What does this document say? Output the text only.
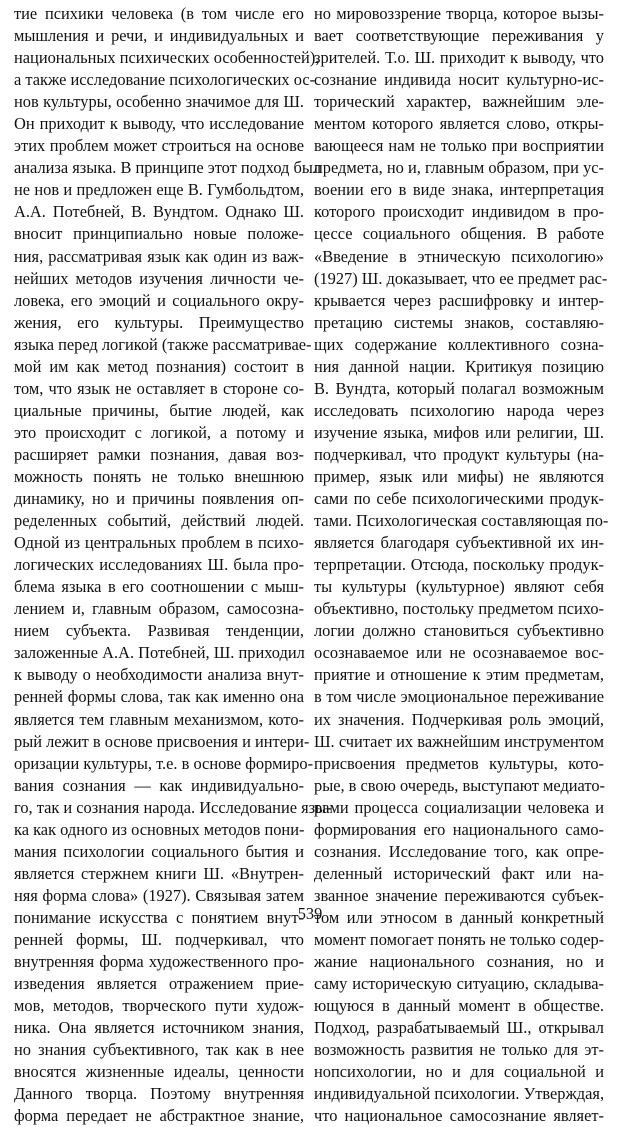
тие психики человека (в том числе его
мышления и речи, и индивидуальных и
национальных психических особенностей),
а также исследование психологических ос-
нов культуры, особенно значимое для Ш.
Он приходит к выводу, что исследование
этих проблем может строиться на основе
анализа языка. В принципе этот подход был
не нов и предложен еще В. Гумбольдтом,
А.А. Потебней, В. Вундтом. Однако Ш.
вносит принципиально новые положе-
ния, рассматривая язык как один из важ-
нейших методов изучения личности че-
ловека, его эмоций и социального окру-
жения, его культуры. Преимущество
языка перед логикой (также рассматривае-
мой им как метод познания) состоит в
том, что язык не оставляет в стороне со-
циальные причины, бытие людей, как
это происходит с логикой, а потому и
расширяет рамки познания, давая воз-
можность понять не только внешнюю
динамику, но и причины появления оп-
ределенных событий, действий людей.
Одной из центральных проблем в психо-
логических исследованиях Ш. была про-
блема языка в его соотношении с мыш-
лением и, главным образом, самосозна-
нием субъекта. Развивая тенденции,
заложенные А.А. Потебней, Ш. приходил
к выводу о необходимости анализа внут-
ренней формы слова, так как именно она
является тем главным механизмом, кото-
рый лежит в основе присвоения и интери-
оризации культуры, т.е. в основе формиро-
вания сознания — как индивидуально-
го, так и сознания народа. Исследование язы-
ка как одного из основных методов пони-
мания психологии социального бытия и
является стержнем книги Ш. «Внутрен-
няя форма слова» (1927). Связывая затем
понимание искусства с понятием внут-
ренней формы, Ш. подчеркивал, что
внутренняя форма художественного про-
изведения является отражением прие-
мов, методов, творческого пути худож-
ника. Она является источником знания,
но знания субъективного, так как в нее
вносятся жизненные идеалы, ценности
Данного творца. Поэтому внутренняя
форма передает не абстрактное знание,
но мировоззрение творца, которое вызы-
вает соответствующие переживания у
зрителей. Т.о. Ш. приходит к выводу, что
сознание индивида носит культурно-ис-
торический характер, важнейшим эле-
ментом которого является слово, откры-
вающееся нам не только при восприятии
предмета, но и, главным образом, при ус-
воении его в виде знака, интерпретация
которого происходит индивидом в про-
цессе социального общения. В работе
«Введение в этническую психологию»
(1927) Ш. доказывает, что ее предмет рас-
крывается через расшифровку и интер-
претацию системы знаков, составляю-
щих содержание коллективного созна-
ния данной нации. Критикуя позицию
В. Вундта, который полагал возможным
исследовать психологию народа через
изучение языка, мифов или религии, Ш.
подчеркивал, что продукт культуры (на-
пример, язык или мифы) не являются
сами по себе психологическими продук-
тами. Психологическая составляющая по-
является благодаря субъективной их ин-
терпретации. Отсюда, поскольку продук-
ты культуры (культурное) являют себя
объективно, постольку предметом психо-
логии должно становиться субъективно
осознаваемое или не осознаваемое вос-
приятие и отношение к этим предметам,
в том числе эмоциональное переживание
их значения. Подчеркивая роль эмоций,
Ш. считает их важнейшим инструментом
присвоения предметов культуры, кото-
рые, в свою очередь, выступают медиато-
рами процесса социализации человека и
формирования его национального само-
сознания. Исследование того, как опре-
деленный исторический факт или на-
званное значение переживаются субъек-
том или этносом в данный конкретный
момент помогает понять не только содер-
жание национального сознания, но и
саму историческую ситуацию, складыва-
ющуюся в данный момент в обществе.
Подход, разрабатываемый Ш., открывал
возможность развития не только для эт-
нопсихологии, но и для социальной и
индивидуальной психологии. Утверждая,
что национальное самосознание являет-
539
